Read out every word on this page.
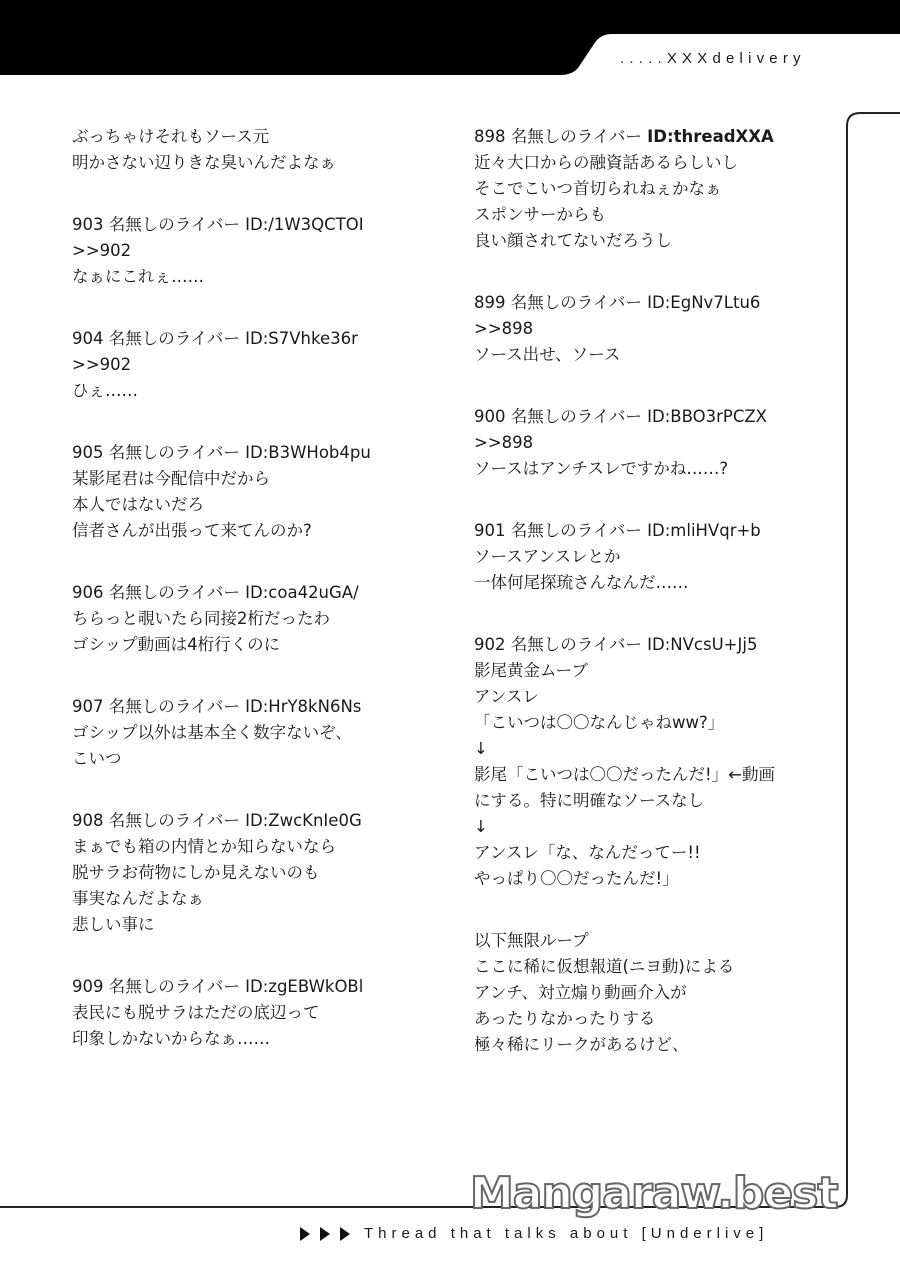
.....XXXdelivery
ぶっちゃけそれもソース元
明かさない辺りきな臭いんだよなぁ
903 名無しのライバー ID:/1W3QCTOI
>>902
なぁにこれぇ……
904 名無しのライバー ID:S7Vhke36r
>>902
ひぇ……
905 名無しのライバー ID:B3WHob4pu
某影尾君は今配信中だから
本人ではないだろ
信者さんが出張って来てんのか?
906 名無しのライバー ID:coa42uGA/
ちらっと覗いたら同接2桁だったわ
ゴシップ動画は4桁行くのに
907 名無しのライバー ID:HrY8kN6Ns
ゴシップ以外は基本全く数字ないぞ、
こいつ
908 名無しのライバー ID:ZwcKnIe0G
まぁでも箱の内情とか知らないなら
脱サラお荷物にしか見えないのも
事実なんだよなぁ
悲しい事に
909 名無しのライバー ID:zgEBWkOBl
表民にも脱サラはただの底辺って
印象しかないからなぁ……
898 名無しのライバー ID:threadXXA
近々大口からの融資話あるらしいし
そこでこいつ首切られねぇかなぁ
スポンサーからも
良い顔されてないだろうし
899 名無しのライバー ID:EgNv7Ltu6
>>898
ソース出せ、ソース
900 名無しのライバー ID:BBO3rPCZX
>>898
ソースはアンチスレですかね……?
901 名無しのライバー ID:mliHVqr+b
ソースアンスレとか
一体何尾探琉さんなんだ……
902 名無しのライバー ID:NVcsU+Jj5
影尾黄金ムーブ
アンスレ
「こいつは〇〇なんじゃねww?」
↓
影尾「こいつは〇〇だったんだ!」←動画
にする。特に明確なソースなし
↓
アンスレ「な、なんだってー!!
やっぱり〇〇だったんだ!」
以下無限ループ
ここに稀に仮想報道(ニヨ動)による
アンチ、対立煽り動画介入が
あったりなかったりする
極々稀にリークがあるけど、
Mangaraw.best
Thread that talks about [Underlive]
